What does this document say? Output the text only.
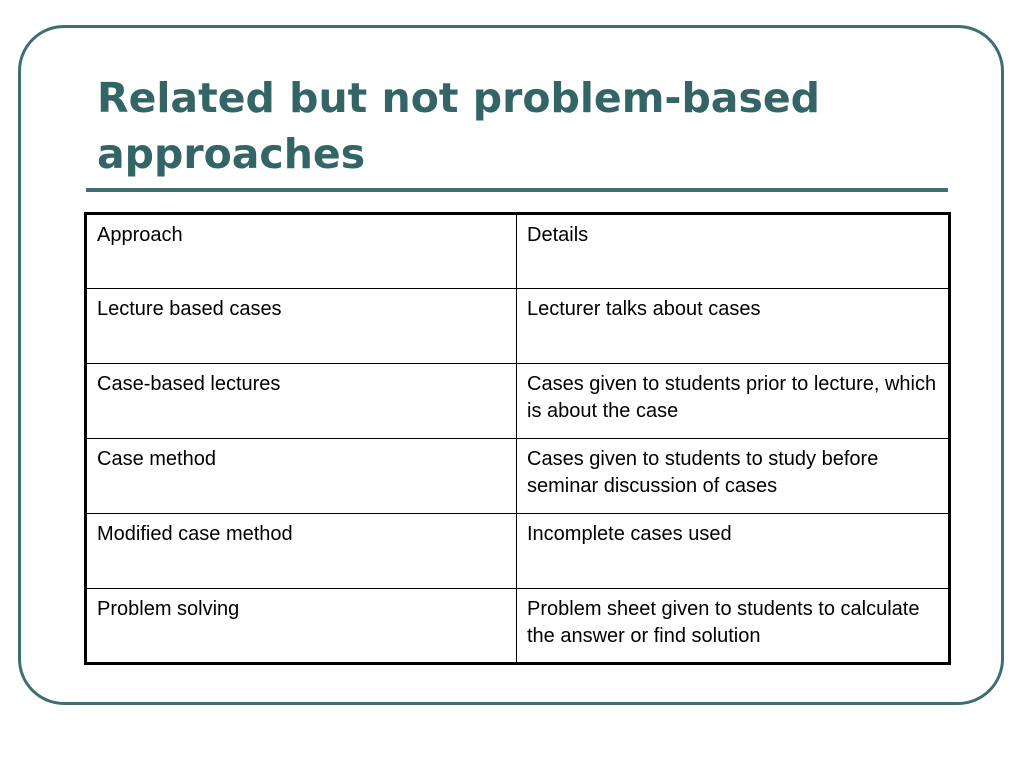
Related but not problem-based approaches
Approach	Details
Lecture based cases	Lecturer talks about cases
Case-based lectures	Cases given to students prior to lecture, which is about the case
Case method	Cases given to students to study before seminar discussion of cases
Modified case method	Incomplete cases used
Problem solving	Problem sheet given to students to calculate the answer or find solution
